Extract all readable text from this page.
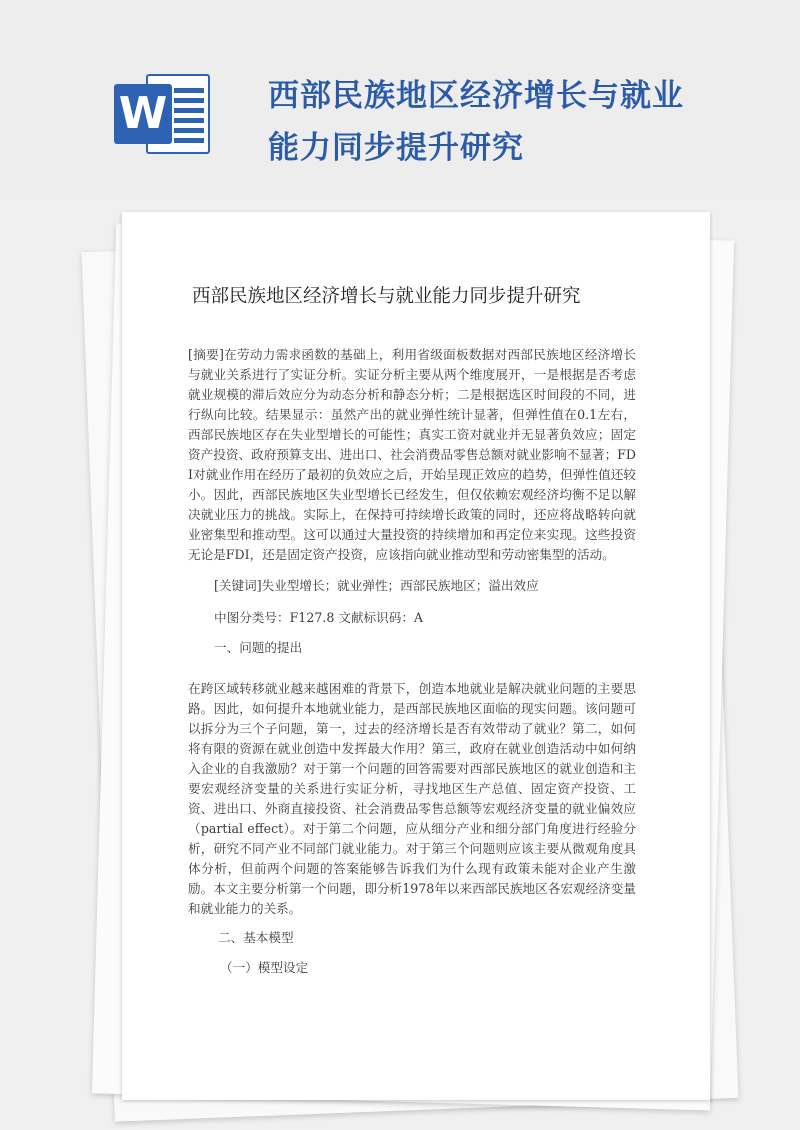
W	西部民族地区经济增长与就业能力同步提升研究
西部民族地区经济增长与就业能力同步提升研究

[摘要]在劳动力需求函数的基础上，利用省级面板数据对西部民族地区经济增长与就业关系进行了实证分析。实证分析主要从两个维度展开，一是根据是否考虑就业规模的滞后效应分为动态分析和静态分析；二是根据选区时间段的不同，进行纵向比较。结果显示：虽然产出的就业弹性统计显著，但弹性值在0.1左右，西部民族地区存在失业型增长的可能性；真实工资对就业并无显著负效应；固定资产投资、政府预算支出、进出口、社会消费品零售总额对就业影响不显著；FDI对就业作用在经历了最初的负效应之后，开始呈现正效应的趋势，但弹性值还较小。因此，西部民族地区失业型增长已经发生，但仅依赖宏观经济均衡不足以解决就业压力的挑战。实际上，在保持可持续增长政策的同时，还应将战略转向就业密集型和推动型。这可以通过大量投资的持续增加和再定位来实现。这些投资无论是FDI，还是固定资产投资，应该指向就业推动型和劳动密集型的活动。

[关键词]失业型增长；就业弹性；西部民族地区；溢出效应
中图分类号：F127.8 文献标识码：A
一、问题的提出

在跨区域转移就业越来越困难的背景下，创造本地就业是解决就业问题的主要思路。因此，如何提升本地就业能力，是西部民族地区面临的现实问题。该问题可以拆分为三个子问题，第一，过去的经济增长是否有效带动了就业？第二，如何将有限的资源在就业创造中发挥最大作用？第三，政府在就业创造活动中如何纳入企业的自我激励？对于第一个问题的回答需要对西部民族地区的就业创造和主要宏观经济变量的关系进行实证分析，寻找地区生产总值、固定资产投资、工资、进出口、外商直接投资、社会消费品零售总额等宏观经济变量的就业偏效应（partial effect）。对于第二个问题，应从细分产业和细分部门角度进行经验分析，研究不同产业不同部门就业能力。对于第三个问题则应该主要从微观角度具体分析，但前两个问题的答案能够告诉我们为什么现有政策未能对企业产生激励。本文主要分析第一个问题，即分析1978年以来西部民族地区各宏观经济变量和就业能力的关系。

二、基本模型
（一）模型设定
